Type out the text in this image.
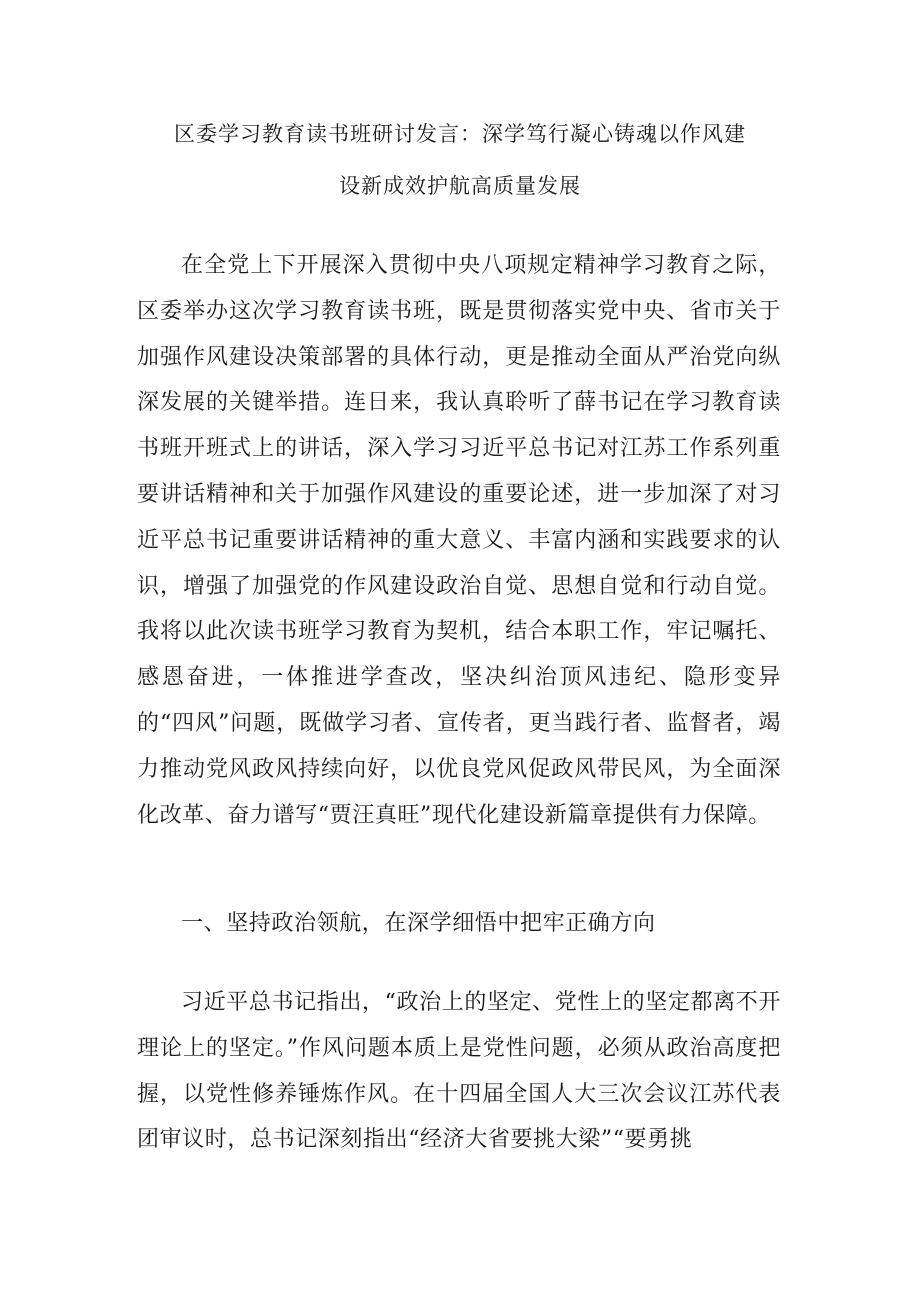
区委学习教育读书班研讨发言：深学笃行凝心铸魂以作风建
设新成效护航高质量发展

在全党上下开展深入贯彻中央八项规定精神学习教育之际，区委举办这次学习教育读书班，既是贯彻落实党中央、省市关于加强作风建设决策部署的具体行动，更是推动全面从严治党向纵深发展的关键举措。连日来，我认真聆听了薛书记在学习教育读书班开班式上的讲话，深入学习习近平总书记对江苏工作系列重要讲话精神和关于加强作风建设的重要论述，进一步加深了对习近平总书记重要讲话精神的重大意义、丰富内涵和实践要求的认识，增强了加强党的作风建设政治自觉、思想自觉和行动自觉。我将以此次读书班学习教育为契机，结合本职工作，牢记嘱托、感恩奋进，一体推进学查改，坚决纠治顶风违纪、隐形变异的“四风”问题，既做学习者、宣传者，更当践行者、监督者，竭力推动党风政风持续向好，以优良党风促政风带民风，为全面深化改革、奋力谱写“贾汪真旺”现代化建设新篇章提供有力保障。

一、坚持政治领航，在深学细悟中把牢正确方向

习近平总书记指出，“政治上的坚定、党性上的坚定都离不开理论上的坚定。”作风问题本质上是党性问题，必须从政治高度把握，以党性修养锤炼作风。在十四届全国人大三次会议江苏代表团审议时，总书记深刻指出“经济大省要挑大梁”“要勇挑
